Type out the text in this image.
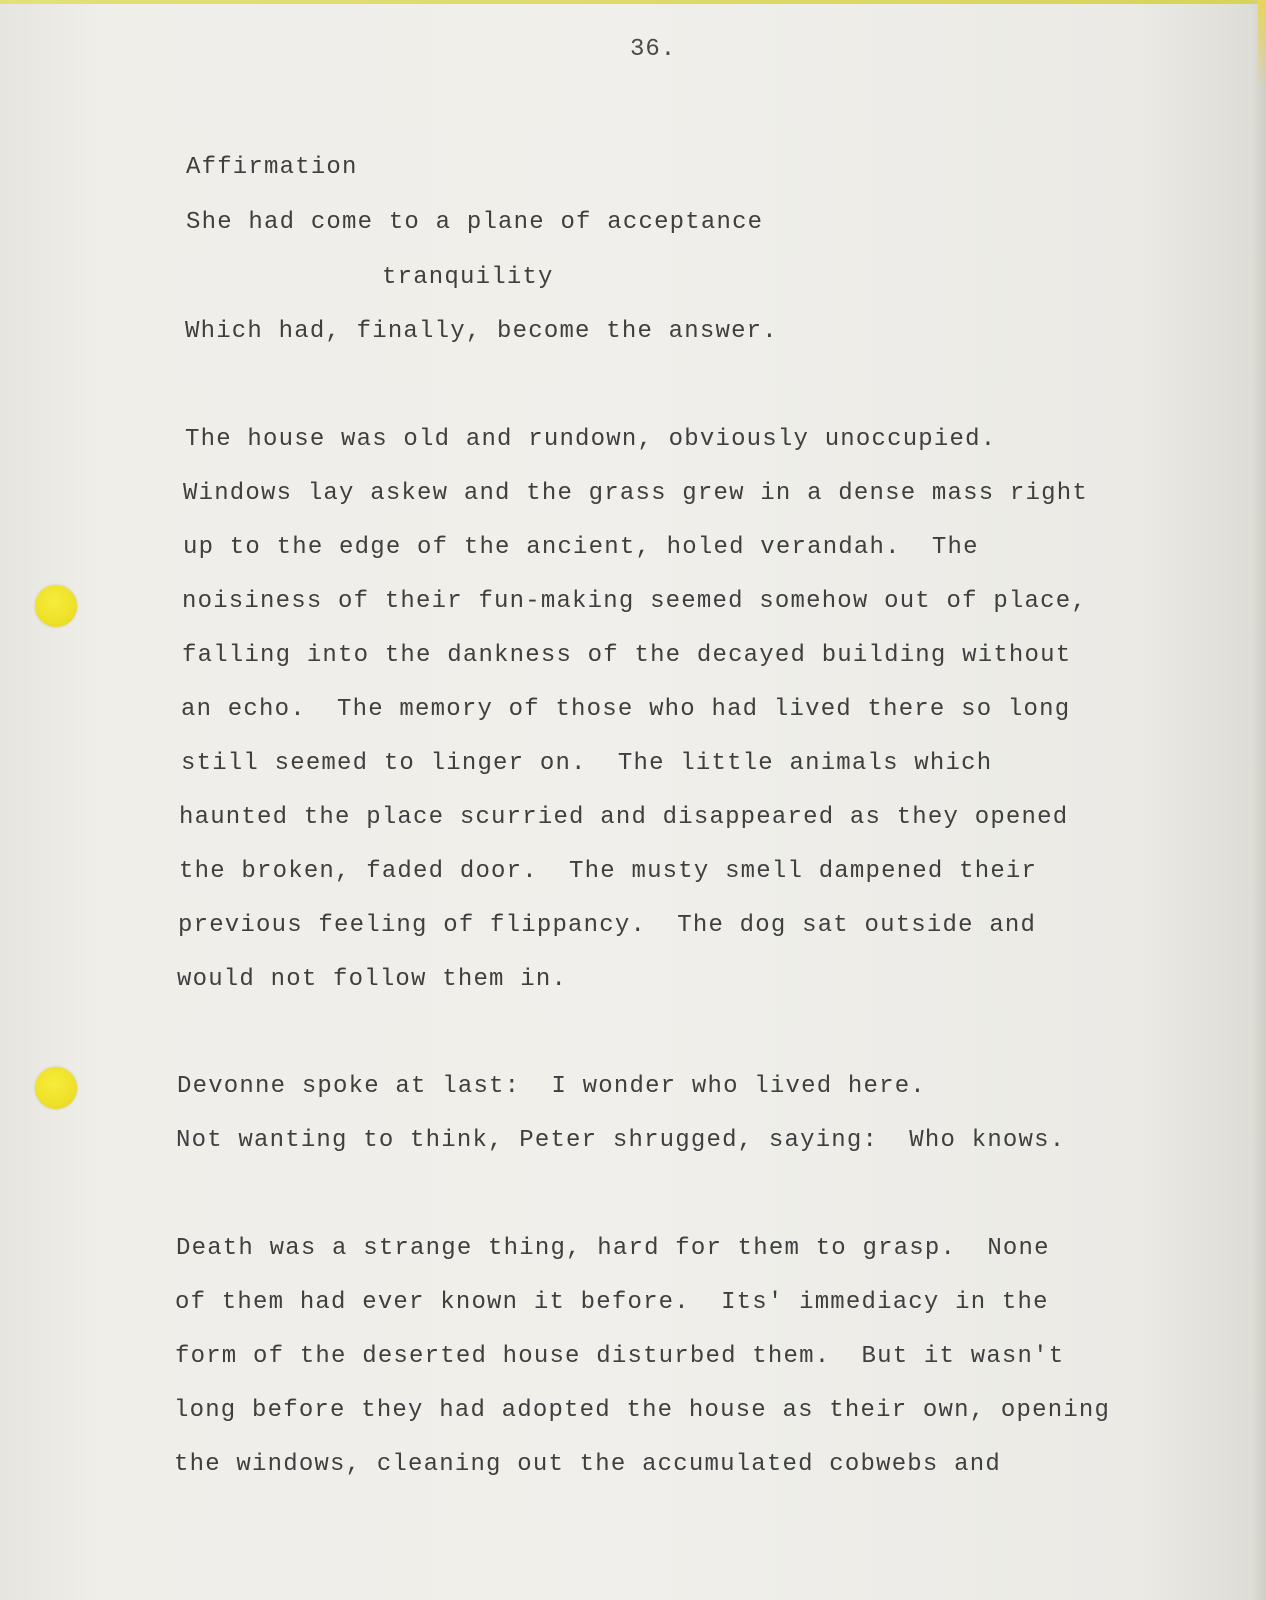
36.
Affirmation
She had come to a plane of acceptance
tranquility
Which had, finally, become the answer.
The house was old and rundown, obviously unoccupied.
Windows lay askew and the grass grew in a dense mass right
up to the edge of the ancient, holed verandah.  The
noisiness of their fun-making seemed somehow out of place,
falling into the dankness of the decayed building without
an echo.  The memory of those who had lived there so long
still seemed to linger on.  The little animals which
haunted the place scurried and disappeared as they opened
the broken, faded door.  The musty smell dampened their
previous feeling of flippancy.  The dog sat outside and
would not follow them in.
Devonne spoke at last:  I wonder who lived here.
Not wanting to think, Peter shrugged, saying:  Who knows.
Death was a strange thing, hard for them to grasp.  None
of them had ever known it before.  Its' immediacy in the
form of the deserted house disturbed them.  But it wasn't
long before they had adopted the house as their own, opening
the windows, cleaning out the accumulated cobwebs and
